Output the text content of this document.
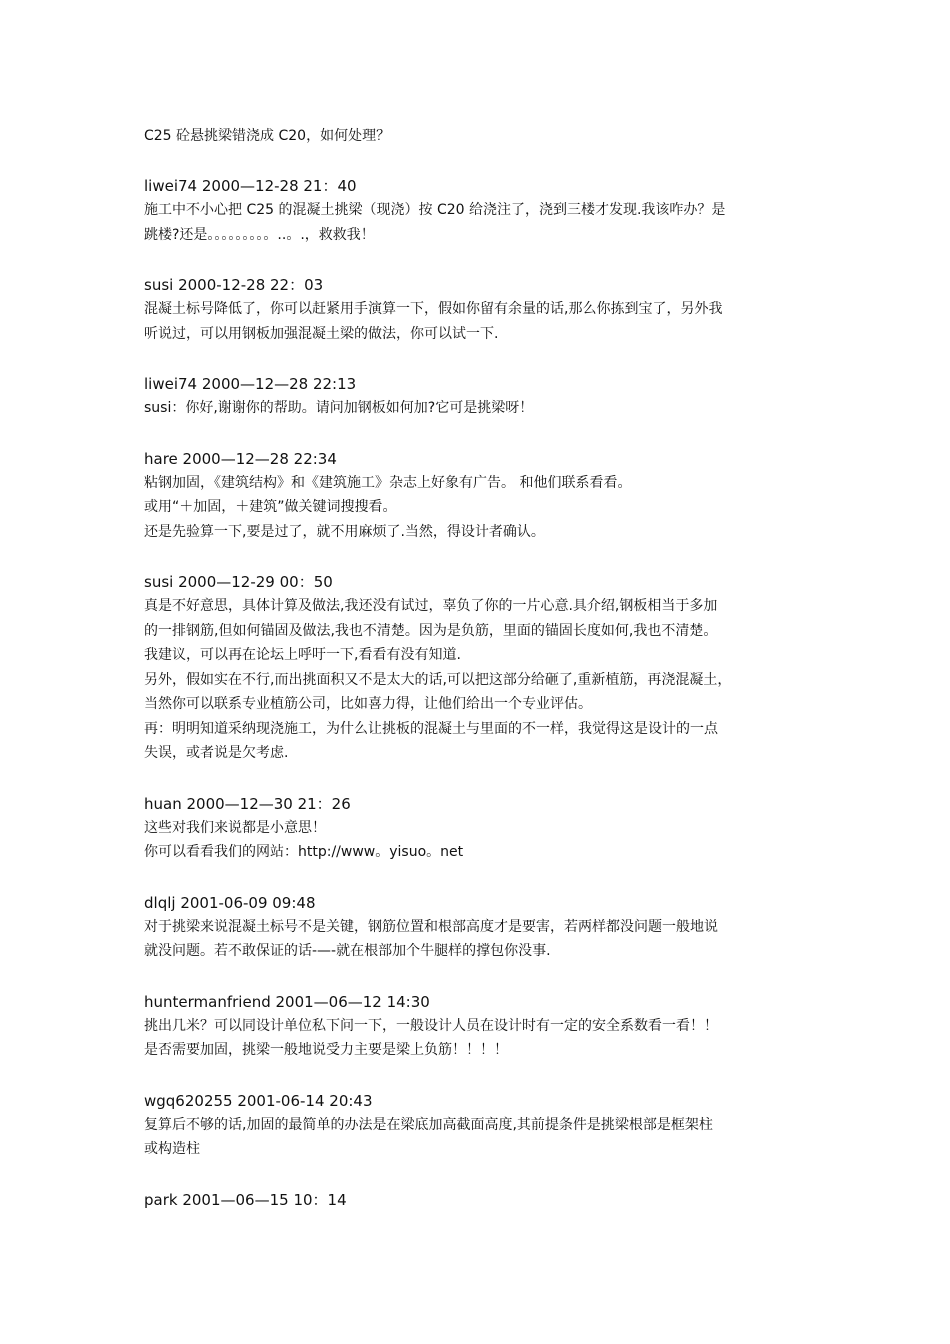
C25 砼悬挑梁错浇成 C20，如何处理？
liwei74 2000—12-28 21：40
施工中不小心把 C25 的混凝土挑梁（现浇）按 C20 给浇注了，浇到三楼才发现.我该咋办？是
跳楼?还是。。。。。。。。。..。.，救救我！
susi 2000-12-28 22：03
混凝土标号降低了，你可以赶紧用手演算一下，假如你留有余量的话,那么你拣到宝了，另外我
听说过，可以用钢板加强混凝土梁的做法，你可以试一下.
liwei74 2000—12—28 22:13
susi：你好,谢谢你的帮助。请问加钢板如何加?它可是挑梁呀！
hare 2000—12—28 22:34
粘钢加固，《建筑结构》和《建筑施工》杂志上好象有广告。 和他们联系看看。
或用“＋加固，＋建筑”做关键词搜搜看。
还是先验算一下,要是过了，就不用麻烦了.当然，得设计者确认。
susi 2000—12-29 00：50
真是不好意思，具体计算及做法,我还没有试过，辜负了你的一片心意.具介绍,钢板相当于多加
的一排钢筋,但如何锚固及做法,我也不清楚。因为是负筋，里面的锚固长度如何,我也不清楚。
我建议，可以再在论坛上呼吁一下,看看有没有知道.
另外，假如实在不行,而出挑面积又不是太大的话,可以把这部分给砸了,重新植筋，再浇混凝土，
当然你可以联系专业植筋公司，比如喜力得，让他们给出一个专业评估。
再：明明知道采纳现浇施工，为什么让挑板的混凝土与里面的不一样，我觉得这是设计的一点
失误，或者说是欠考虑.
huan 2000—12—30 21：26
这些对我们来说都是小意思！
你可以看看我们的网站：http://www。yisuo。net
dlqlj 2001-06-09 09:48
对于挑梁来说混凝土标号不是关键，钢筋位置和根部高度才是要害，若两样都没问题一般地说
就没问题。若不敢保证的话-—-就在根部加个牛腿样的撑包你没事.
huntermanfriend 2001—06—12 14:30
挑出几米？可以同设计单位私下问一下，一般设计人员在设计时有一定的安全系数看一看！！
是否需要加固，挑梁一般地说受力主要是梁上负筋！！！！
wgq620255 2001-06-14 20:43
复算后不够的话,加固的最简单的办法是在梁底加高截面高度,其前提条件是挑梁根部是框架柱
或构造柱
park 2001—06—15 10：14
